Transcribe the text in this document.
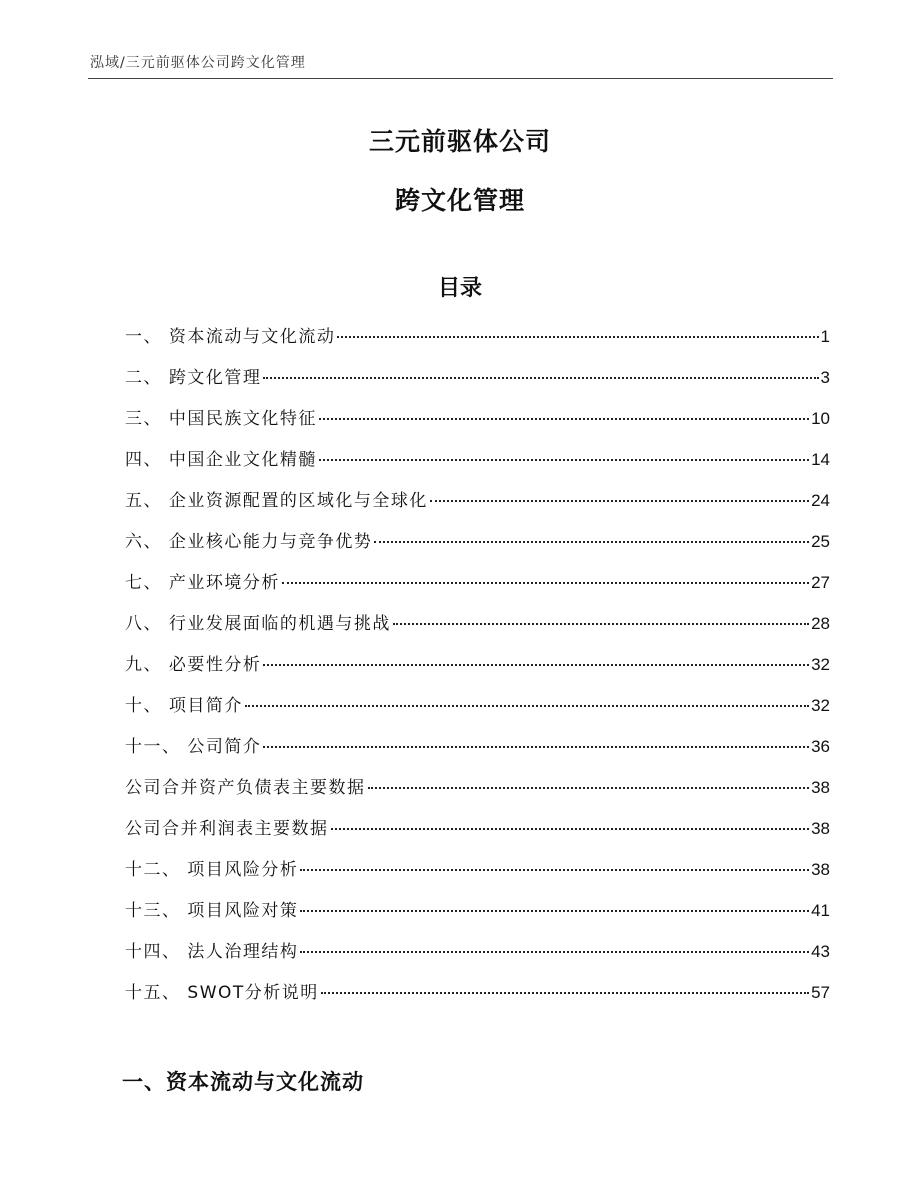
泓域/三元前驱体公司跨文化管理
三元前驱体公司
跨文化管理
目录
一、 资本流动与文化流动	1
二、 跨文化管理	3
三、 中国民族文化特征	10
四、 中国企业文化精髓	14
五、 企业资源配置的区域化与全球化	24
六、 企业核心能力与竞争优势	25
七、 产业环境分析	27
八、 行业发展面临的机遇与挑战	28
九、 必要性分析	32
十、 项目简介	32
十一、 公司简介	36
公司合并资产负债表主要数据	38
公司合并利润表主要数据	38
十二、 项目风险分析	38
十三、 项目风险对策	41
十四、 法人治理结构	43
十五、 SWOT分析说明	57
一、资本流动与文化流动
